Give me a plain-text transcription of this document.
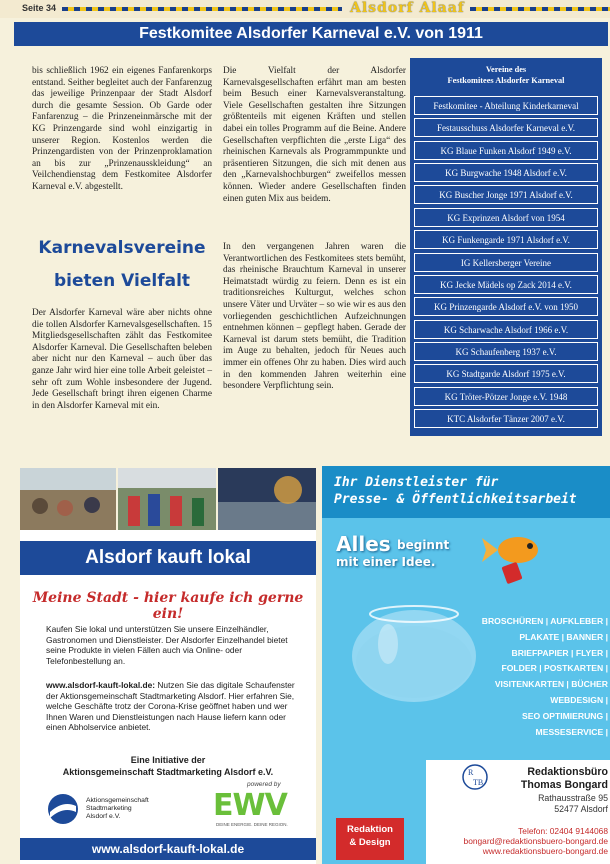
Seite 34	Alsdorf Alaaf
Festkomitee Alsdorfer Karneval e.V. von 1911
bis schließlich 1962 ein eigenes Fanfarenkorps entstand. Seither begleitet auch der Fanfarenzug das jeweilige Prinzenpaar der Stadt Alsdorf durch die gesamte Session. Ob Garde oder Fanfarenzug – die Prinzeneinmärsche mit der KG Prinzengarde sind wohl einzigartig in unserer Region. Kostenlos werden die Prinzengardisten von der Prinzenproklamation an bis zur „Prinzenausskleidung“ an Veilchendienstag dem Festkomitee Alsdorfer Karneval e.V. abgestellt.
Karnevalsvereine
bieten Vielfalt
Der Alsdorfer Karneval wäre aber nichts ohne die tollen Alsdorfer Karnevalsgesellschaften. 15 Mitgliedsgesellschaften zählt das Festkomitee Alsdorfer Karneval. Die Gesellschaften beleben aber nicht nur den Karneval – auch über das ganze Jahr wird hier eine tolle Arbeit geleistet – sehr oft zum Wohle insbesondere der Jugend. Jede Gesellschaft bringt ihren eigenen Charme in den Alsdorfer Karneval mit ein.
Die Vielfalt der Alsdorfer Karnevalsgesellschaften erfährt man am besten beim Besuch einer Karnevalsveranstaltung. Viele Gesellschaften gestalten ihre Sitzungen größtenteils mit eigenen Kräften und stellen dabei ein tolles Programm auf die Beine. Andere Gesellschaften verpflichten die „erste Liga“ des rheinischen Karnevals als Programmpunkte und präsentieren Sitzungen, die sich mit denen aus den „Karnevalshochburgen“ zweifellos messen können. Wieder andere Gesellschaften finden einen guten Mix aus beidem.
In den vergangenen Jahren waren die Verantwortlichen des Festkomitees stets bemüht, das rheinische Brauchtum Karneval in unserer Heimatstadt würdig zu feiern. Denn es ist ein traditionsreiches Kulturgut, welches schon unsere Väter und Urväter – so wie wir es aus den vorliegenden geschichtlichen Aufzeichnungen entnehmen können – gepflegt haben. Gerade der Karneval ist darum stets bemüht, die Tradition im Auge zu behalten, jedoch für Neues auch immer ein offenes Ohr zu haben. Dies wird auch in den kommenden Jahren weiterhin eine besondere Verpflichtung sein.
Vereine des
Festkomitees Alsdorfer Karneval
Festkomitee - Abteilung Kinderkarneval
Festausschuss Alsdorfer Karneval e.V.
KG Blaue Funken Alsdorf 1949 e.V.
KG Burgwache 1948 Alsdorf e.V.
KG Buscher Jonge 1971 Alsdorf e.V.
KG Exprinzen Alsdorf von 1954
KG Funkengarde 1971 Alsdorf e.V.
IG Kellersberger Vereine
KG Jecke Mädels op Zack 2014 e.V.
KG Prinzengarde Alsdorf e.V. von 1950
KG Scharwache Alsdorf 1966 e.V.
KG Schaufenberg 1937 e.V.
KG Stadtgarde Alsdorf 1975 e.V.
KG Tröter-Pötzer Jonge e.V. 1948
KTC Alsdorfer Tänzer 2007 e.V.
Alsdorf kauft lokal
Meine Stadt - hier kaufe ich gerne ein!
Kaufen Sie lokal und unterstützen Sie unsere Einzelhändler, Gastronomen und Dienstleister. Der Alsdorfer Einzelhandel bietet seine Produkte in vielen Fällen auch via Online- oder Telefonbestellung an.
www.alsdorf-kauft-lokal.de: Nutzen Sie das digitale Schaufenster der Aktionsgemeinschaft Stadtmarketing Alsdorf. Hier erfahren Sie, welche Geschäfte trotz der Corona-Krise geöffnet haben und wer Ihnen Waren und Dienstleistungen nach Hause liefern kann oder einen Abholservice anbietet.
Eine Initiative der
Aktionsgemeinschaft Stadtmarketing Alsdorf e.V.
Aktionsgemeinschaft
Stadtmarketing
Alsdorf e.V.
powered by
EWV
DEINE ENERGIE. DEINE REGION.
www.alsdorf-kauft-lokal.de
Ihr Dienstleister für
Presse- & Öffentlichkeitsarbeit
Alles beginnt
mit einer Idee.
BROSCHÜREN | AUFKLEBER |
PLAKATE | BANNER |
BRIEFPAPIER | FLYER |
FOLDER | POSTKARTEN |
VISITENKARTEN | BÜCHER
WEBDESIGN |
SEO OPTIMIERUNG |
MESSESERVICE |
R
TB
Redaktionsbüro
Thomas Bongard
Rathausstraße 95
52477 Alsdorf
Telefon: 02404 9144068
bongard@redaktionsbuero-bongard.de
www.redaktionsbuero-bongard.de
Redaktion
& Design
